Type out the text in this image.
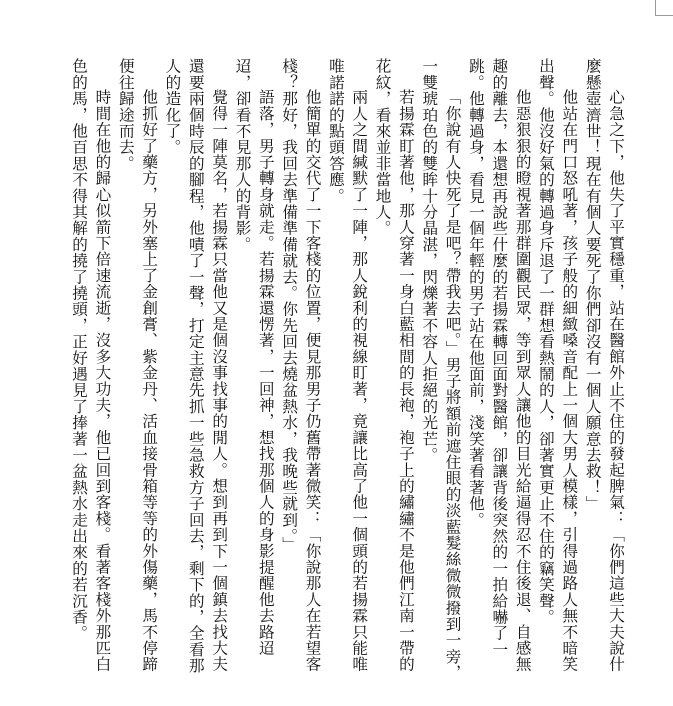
心急之下，他失了平實穩重，站在醫館外止不住的發起脾氣：「你們這些大夫說什麼懸壺濟世！現在有個人要死了你們卻沒有一個人願意去救！」

他站在門口怒吼著，孩子般的細緻嗓音配上一個大男人模樣，引得過路人無不暗笑出聲。他沒好氣的轉過身斥退了一群想看熱鬧的人，卻著實更止不住的竊笑聲。

他惡狠狠的瞪視著那群圍觀民眾，等到眾人讓他的目光給逼得忍不住後退、自感無趣的離去，本還想再說些什麼的若揚霖轉回面對醫館，卻讓背後突然的一拍給嚇了一跳。他轉過身，看見一個年輕的男子站在他面前，淺笑著看著他。

「你說有人快死了是吧？帶我去吧。」男子將額前遮住眼的淡藍髮絲微微撥到一旁，一雙琥珀色的雙眸十分晶湛，閃爍著不容人拒絕的光芒。

若揚霖盯著他，那人穿著一身白藍相間的長袍，袍子上的繡繡不是他們江南一帶的花紋，看來並非當地人。

兩人之間緘默了一陣，那人銳利的視線盯著，竟讓比高了他一個頭的若揚霖只能唯唯諾諾的點頭答應。

他簡單的交代了一下客棧的位置，便見那男子仍舊帶著微笑：「你說那人在若望客棧？那好，我回去準備準備就去。你先回去燒盆熱水，我晚些就到。」

語落，男子轉身就走。若揚霖還愣著，一回神，想找那個人的身影提醒他去路迢迢，卻看不見那人的背影。

覺得一陣莫名，若揚霖只當他又是個沒事找事的閒人。想到再到下一個鎮去找大夫還要兩個時辰的腳程，他嘖了一聲，打定主意先抓一些急救方子回去，剩下的，全看那人的造化了。

他抓好了藥方，另外塞上了金創膏、紫金丹、活血接骨箱等等的外傷藥，馬不停蹄便往歸途而去。

時間在他的歸心似箭下倍速流逝，沒多大功夫，他已回到客棧。看著客棧外那匹白色的馬，他百思不得其解的撓了撓頭，正好遇見了捧著一盆熱水走出來的若沉香。
